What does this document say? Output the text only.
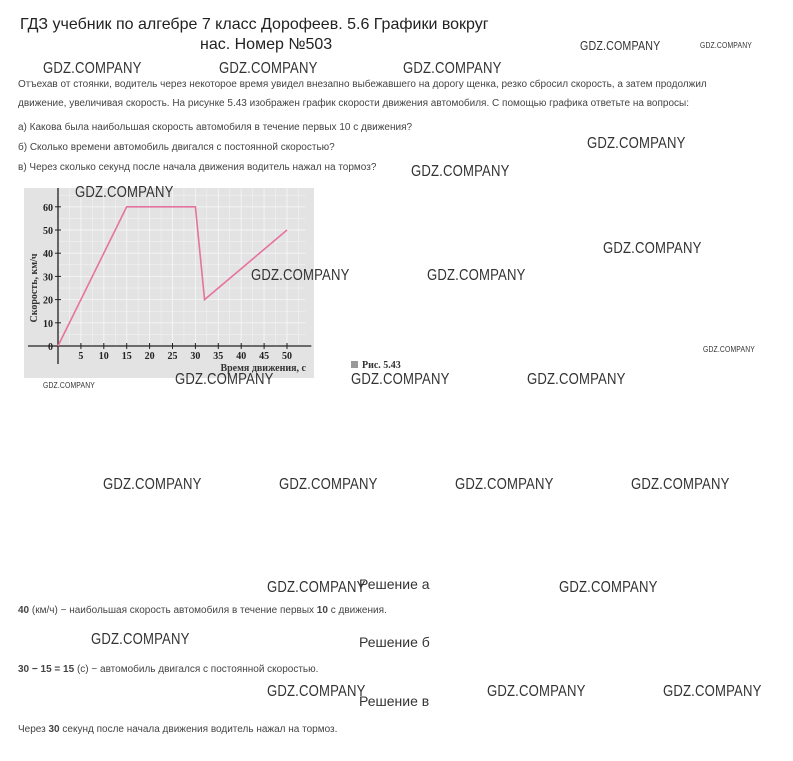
ГДЗ учебник по алгебре 7 класс Дорофеев. 5.6 Графики вокруг
нас. Номер №503
Отъехав от стоянки, водитель через некоторое время увидел внезапно выбежавшего на дорогу щенка, резко сбросил скорость, а затем продолжил
движение, увеличивая скорость. На рисунке 5.43 изображен график скорости движения автомобиля. С помощью графика ответьте на вопросы:
а) Какова была наибольшая скорость автомобиля в течение первых 10 с движения?
б) Сколько времени автомобиль двигался с постоянной скоростью?
в) Через сколько секунд после начала движения водитель нажал на тормоз?
5 10 15 20 25 30 35 40 45 50
10
20
30
40
50
60
0
Скорость, км/ч
Время движения, с	Рис. 5.43
Решение а
40 (км/ч) − наибольшая скорость автомобиля в течение первых 10 с движения.
Решение б
30 − 15 = 15 (с) − автомобиль двигался с постоянной скоростью.
Решение в
Через 30 секунд после начала движения водитель нажал на тормоз.
GDZ.COMPANY
GDZ.COMPANY
GDZ.COMPANY	GDZ.COMPANY	GDZ.COMPANY
GDZ.COMPANY
GDZ.COMPANY
GDZ.COMPANY
GDZ.COMPANY
GDZ.COMPANY	GDZ.COMPANY
GDZ.COMPANY
GDZ.COMPANY	GDZ.COMPANY	GDZ.COMPANY	GDZ.COMPANY
GDZ.COMPANY	GDZ.COMPANY	GDZ.COMPANY	GDZ.COMPANY
GDZ.COMPANY	GDZ.COMPANY
GDZ.COMPANY
GDZ.COMPANY	GDZ.COMPANY	GDZ.COMPANY
